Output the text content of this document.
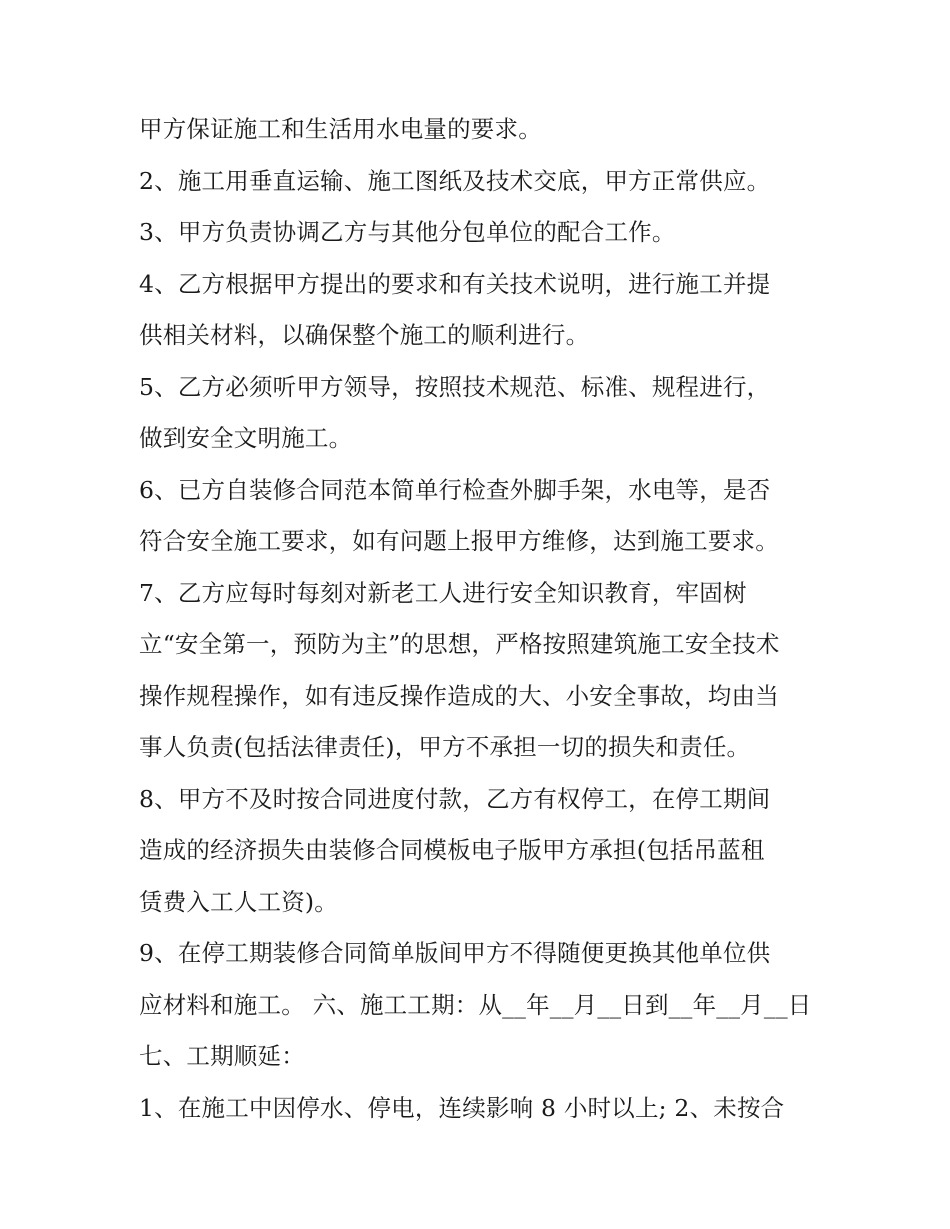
甲方保证施工和生活用水电量的要求。
2、施工用垂直运输、施工图纸及技术交底，甲方正常供应。
3、甲方负责协调乙方与其他分包单位的配合工作。
4、乙方根据甲方提出的要求和有关技术说明，进行施工并提
供相关材料，以确保整个施工的顺利进行。
5、乙方必须听甲方领导，按照技术规范、标准、规程进行，
做到安全文明施工。
6、已方自装修合同范本简单行检查外脚手架，水电等，是否
符合安全施工要求，如有问题上报甲方维修，达到施工要求。
7、乙方应每时每刻对新老工人进行安全知识教育，牢固树
立“安全第一，预防为主”的思想，严格按照建筑施工安全技术
操作规程操作，如有违反操作造成的大、小安全事故，均由当
事人负责(包括法律责任)，甲方不承担一切的损失和责任。
8、甲方不及时按合同进度付款，乙方有权停工，在停工期间
造成的经济损失由装修合同模板电子版甲方承担(包括吊蓝租
赁费入工人工资)。
9、在停工期装修合同简单版间甲方不得随便更换其他单位供
应材料和施工。 六、施工工期：从__年__月__日到__年__月__日
七、工期顺延：
1、在施工中因停水、停电，连续影响 8 小时以上; 2、未按合
